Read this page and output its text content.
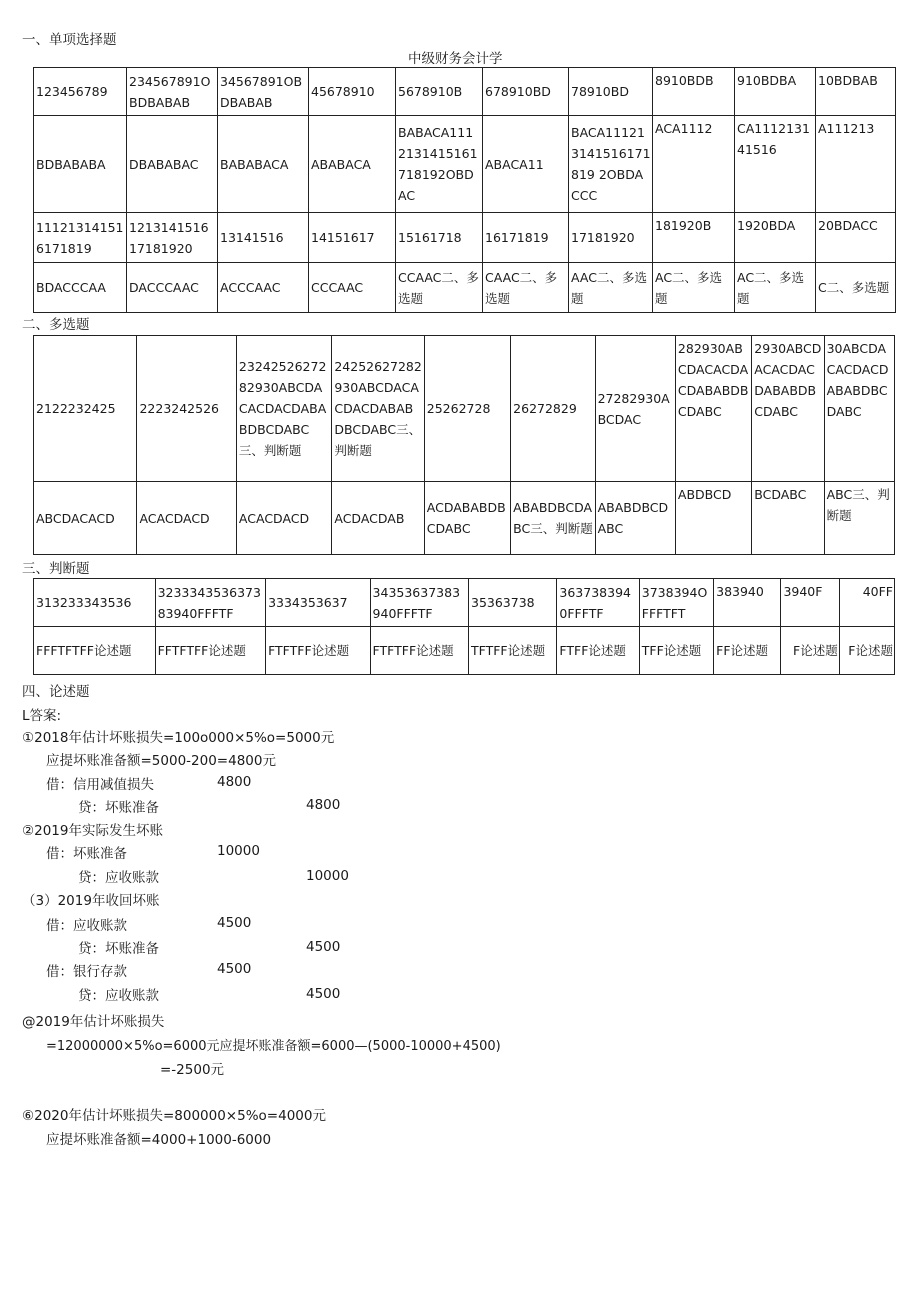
一、单项选择题
中级财务会计学
123456789	234567891OBDBABAB	34567891OBDBABAB	45678910	5678910B	678910BD	78910BD	8910BDB	910BDBA	10BDBAB
BDBABABA	DBABABAC	BABABACA	ABABACA	BABACA1112131415161718192OBDAC	ABACA11	BACA111213141516171819 2OBDACCC	ACA1112	CA111213141516	A111213
111213141516171819	121314151617181920	13141516	14151617	15161718	16171819	17181920	181920B	1920BDA	20BDACC
BDACCCAA	DACCCAAC	ACCCAAC	CCCAAC	CCAAC二、多选题	CAAC二、多选题	AAC二、多选题	AC二、多选题	AC二、多选题	C二、多选题
二、多选题
2122232425	2223242526	2324252627282930ABCDACACDACDABABDBCDABC三、判断题	24252627282930ABCDACACDACDABABDBCDABC三、判断题	25262728	26272829	27282930ABCDAC	282930ABCDACACDACDABABDBCDABC	2930ABCDACACDACDABABDBCDABC	30ABCDACACDACDABABDBCDABC
ABCDACACD	ACACDACD	ACACDACD	ACDACDAB	ACDABABDBCDABC	ABABDBCDABC三、判断题	ABABDBCDABC	ABDBCD	BCDABC	ABC三、判断题
三、判断题
313233343536	323334353637383940FFFTF	3334353637	34353637383940FFFTF	35363738	3637383940FFFTF	3738394OFFFTFT	383940	3940F	40FF
FFFTFTFF论述题	FFTFTFF论述题	FTFTFF论述题	FTFTFF论述题	TFTFF论述题	FTFF论述题	TFF论述题	FF论述题	F论述题	F论述题
四、论述题
L答案:
①2018年估计坏账损失=100o000×5%o=5000元
应提坏账准备额=5000-200=4800元
借：信用减值损失	4800
贷：坏账准备	4800
②2019年实际发生坏账
借：坏账准备	10000
贷：应收账款	10000
（3）2019年收回坏账
借：应收账款	4500
贷：坏账准备	4500
借：银行存款	4500
贷：应收账款	4500
@2019年估计坏账损失
=12000000×5%o=6000元应提坏账准备额=6000—(5000-10000+4500)
=-2500元
⑥2020年估计坏账损失=800000×5%o=4000元
应提坏账准备额=4000+1000-6000
